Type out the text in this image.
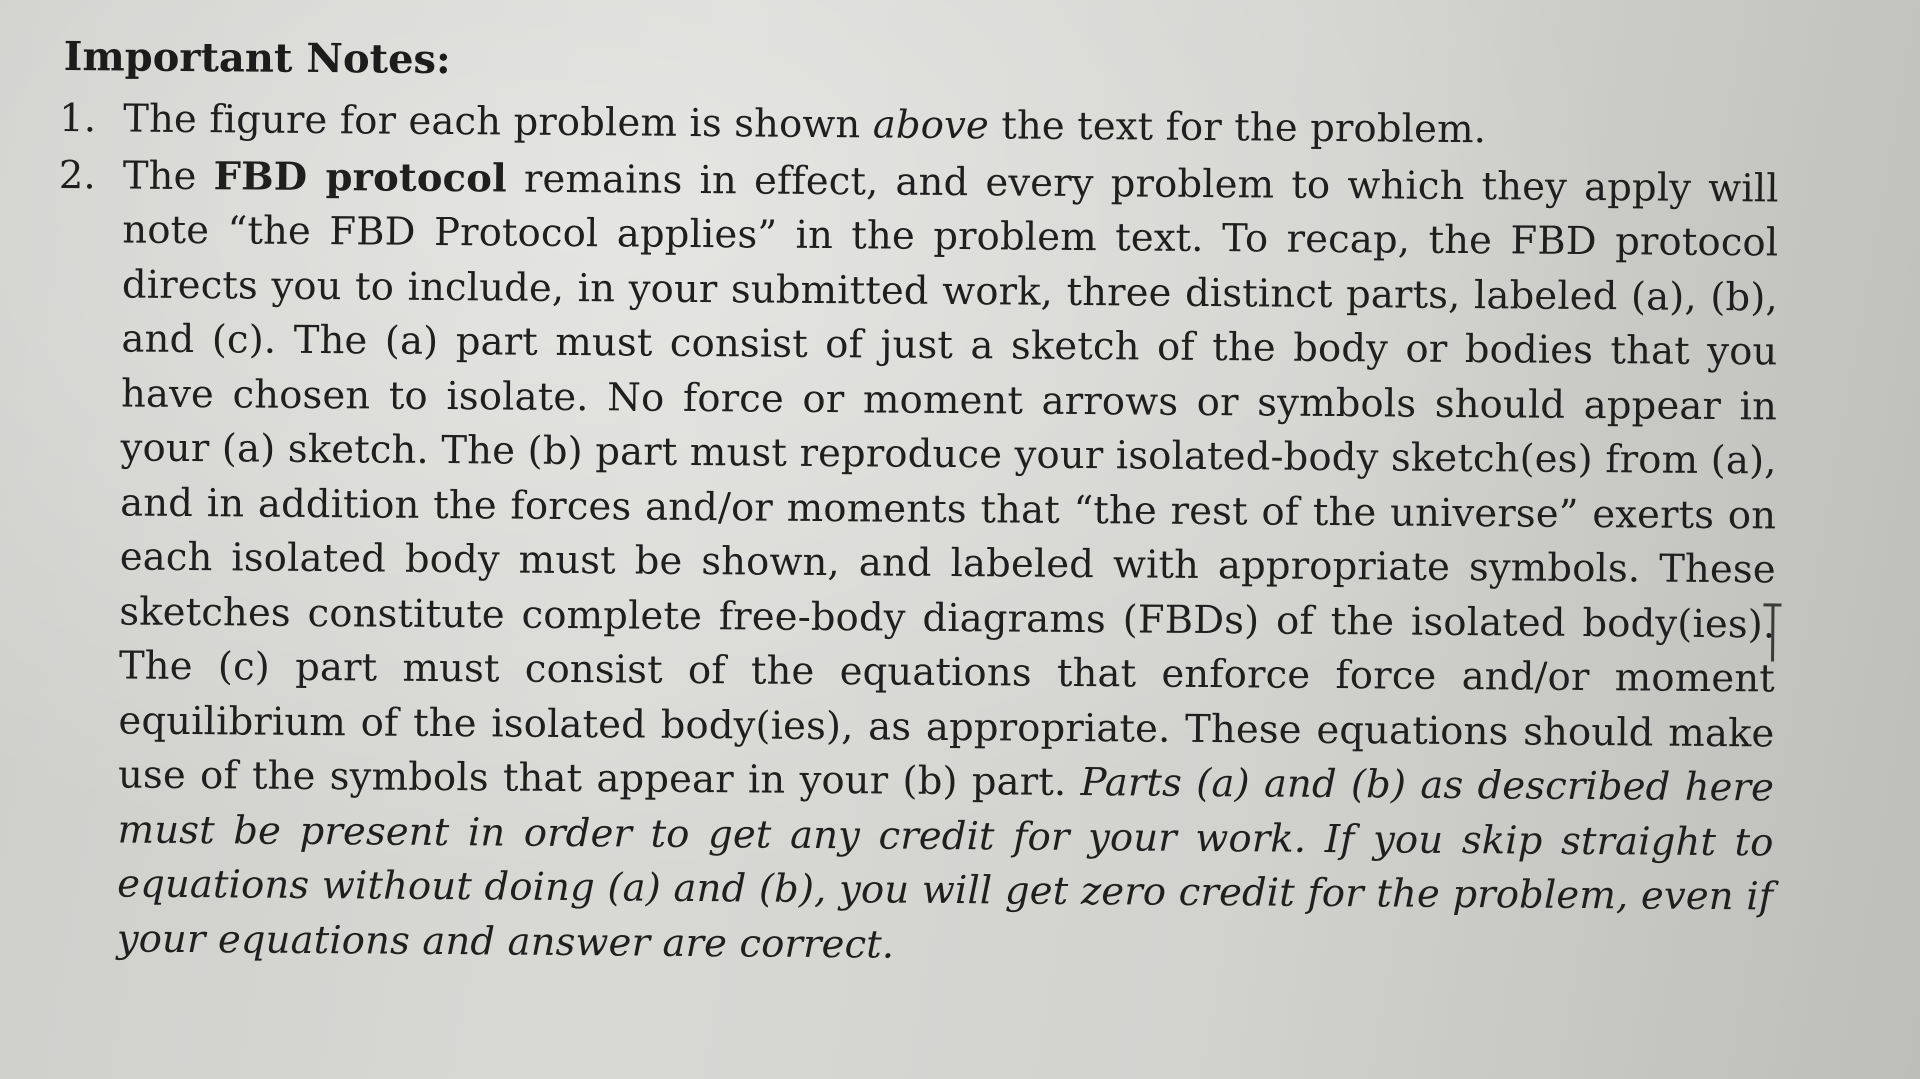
Important Notes:
1. The figure for each problem is shown above the text for the problem.
2. The FBD protocol remains in effect, and every problem to which they apply will note “the FBD Protocol applies” in the problem text. To recap, the FBD protocol directs you to include, in your submitted work, three distinct parts, labeled (a), (b), and (c). The (a) part must consist of just a sketch of the body or bodies that you have chosen to isolate. No force or moment arrows or symbols should appear in your (a) sketch. The (b) part must reproduce your isolated-body sketch(es) from (a), and in addition the forces and/or moments that “the rest of the universe” exerts on each isolated body must be shown, and labeled with appropriate symbols. These sketches constitute complete free-body diagrams (FBDs) of the isolated body(ies).The (c) part must consist of the equations that enforce force and/or moment equilibrium of the isolated body(ies), as appropriate. These equations should make use of the symbols that appear in your (b) part. Parts (a) and (b) as described here must be present in order to get any credit for your work. If you skip straight to equations without doing (a) and (b), you will get zero credit for the problem, even if your equations and answer are correct.
